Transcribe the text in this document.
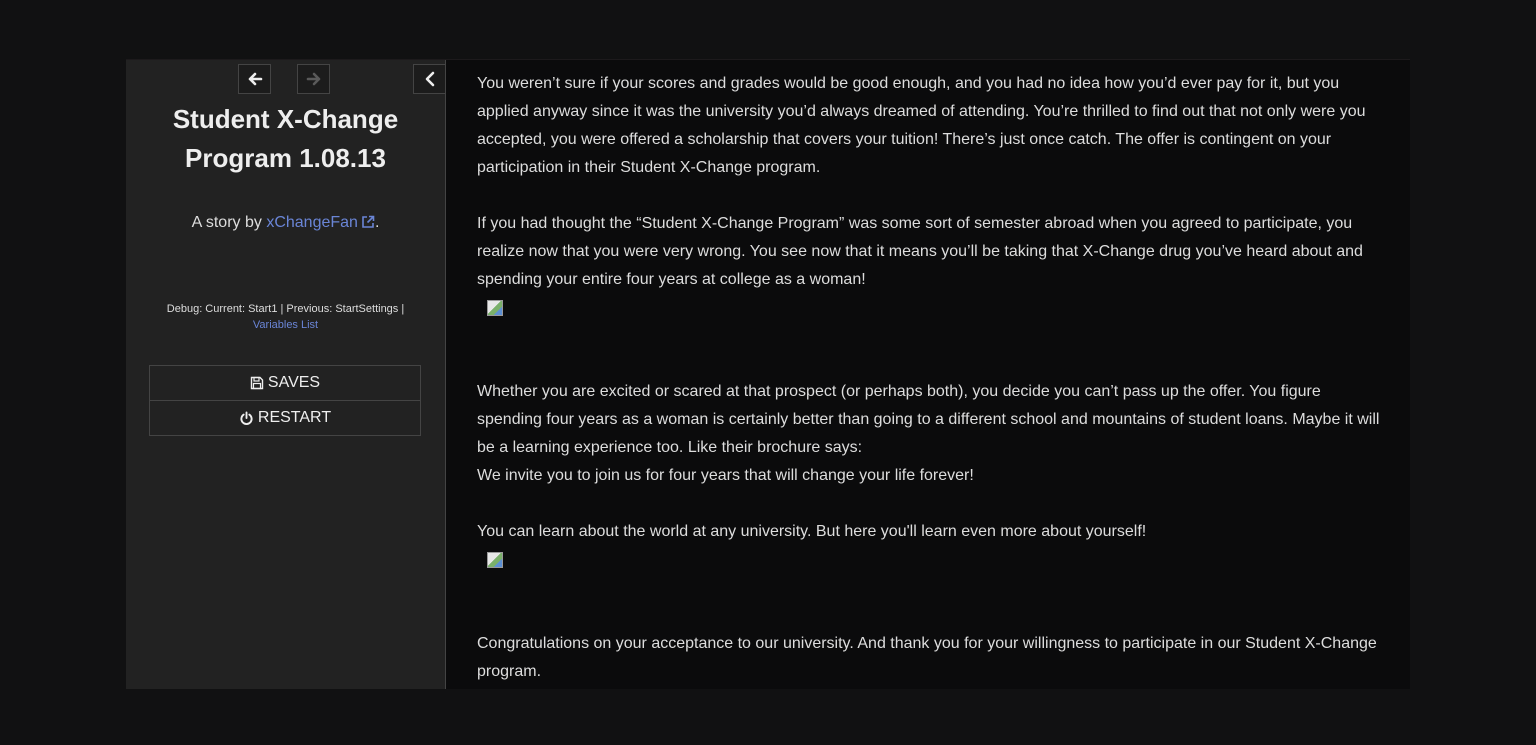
Student X-Change Program 1.08.13
A story by xChangeFan .
Debug: Current: Start1 | Previous: StartSettings |
Variables List
SAVES
RESTART

You weren’t sure if your scores and grades would be good enough, and you had no idea how you’d ever pay for it, but you applied anyway since it was the university you’d always dreamed of attending. You’re thrilled to find out that not only were you accepted, you were offered a scholarship that covers your tuition! There’s just once catch. The offer is contingent on your participation in their Student X-Change program.

If you had thought the “Student X-Change Program” was some sort of semester abroad when you agreed to participate, you realize now that you were very wrong. You see now that it means you’ll be taking that X-Change drug you’ve heard about and spending your entire four years at college as a woman!

Whether you are excited or scared at that prospect (or perhaps both), you decide you can’t pass up the offer. You figure spending four years as a woman is certainly better than going to a different school and mountains of student loans. Maybe it will be a learning experience too. Like their brochure says:

We invite you to join us for four years that will change your life forever!

You can learn about the world at any university. But here you'll learn even more about yourself!

Congratulations on your acceptance to our university. And thank you for your willingness to participate in our Student X-Change program.
